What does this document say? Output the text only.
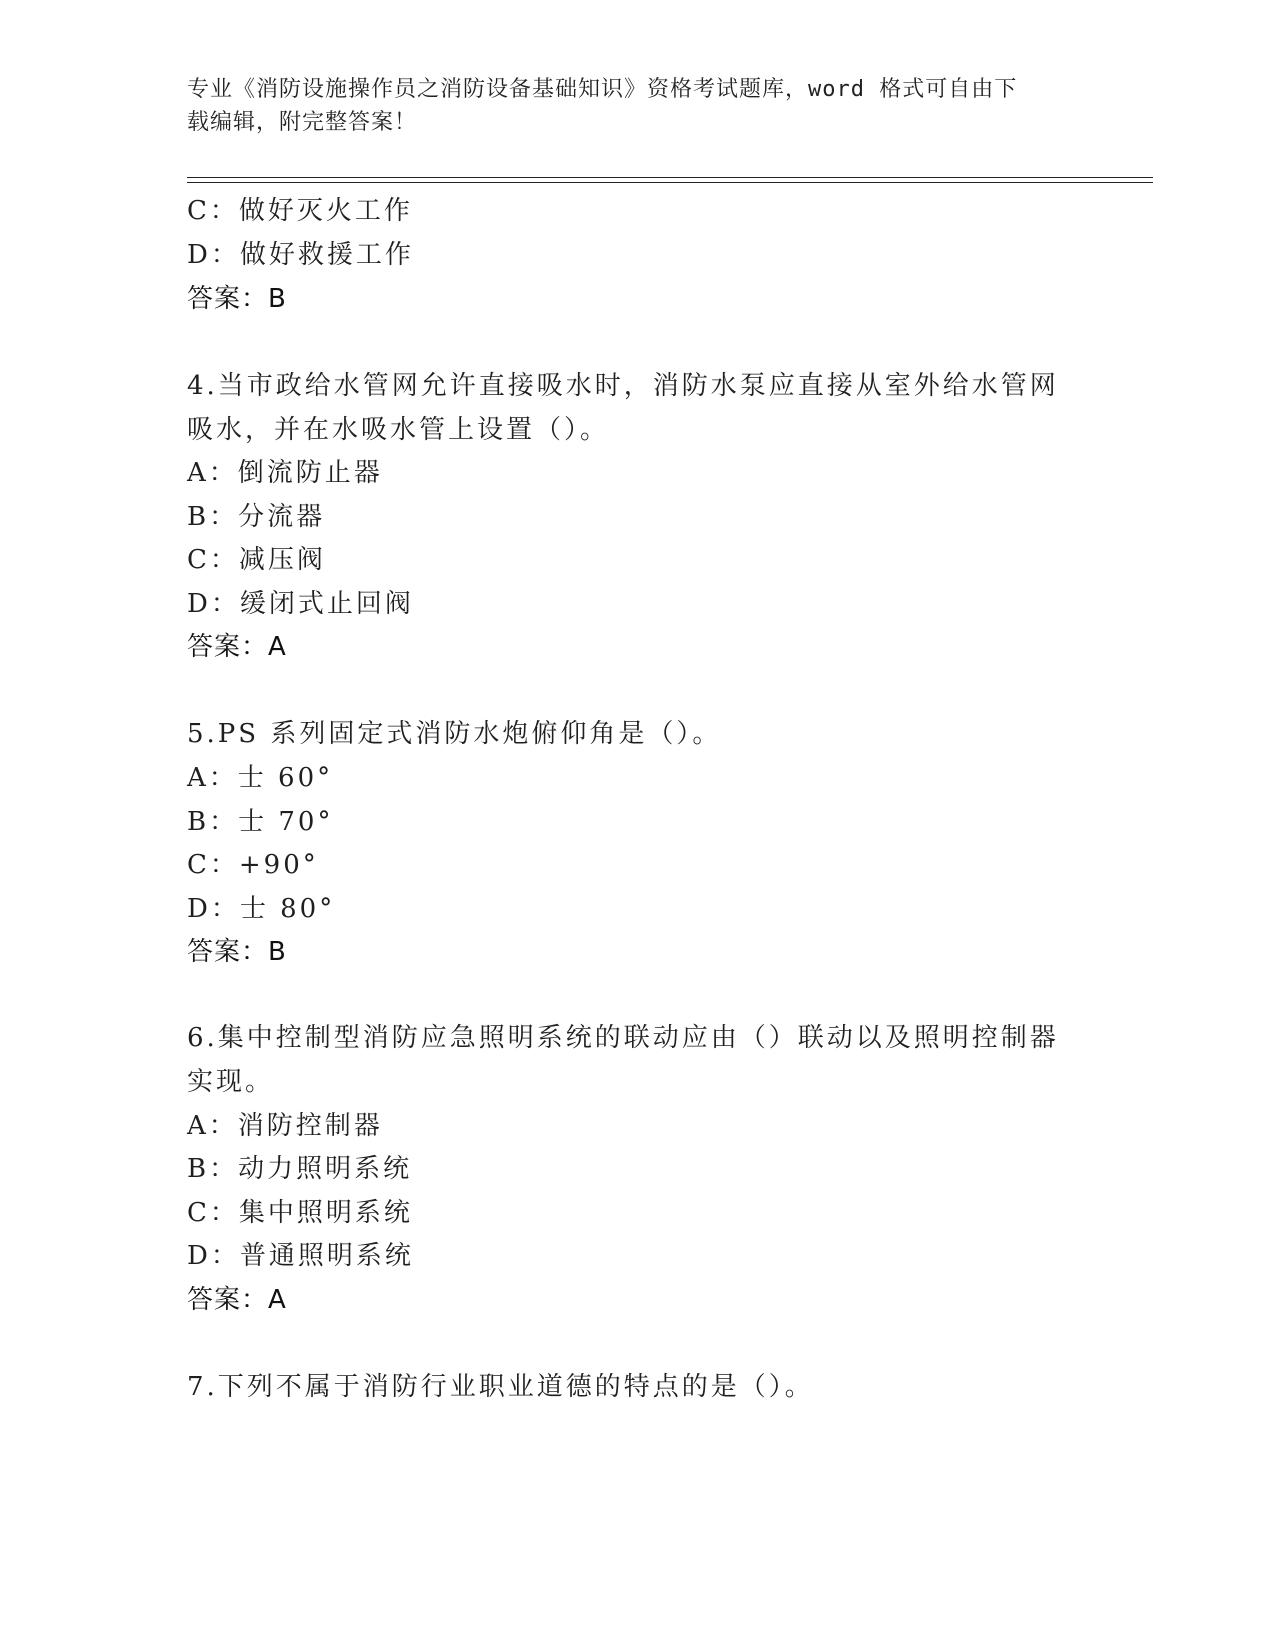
专业《消防设施操作员之消防设备基础知识》资格考试题库，word 格式可自由下
载编辑，附完整答案！
C：做好灭火工作
D：做好救援工作
答案：B
4.当市政给水管网允许直接吸水时，消防水泵应直接从室外给水管网
吸水，并在水吸水管上设置（）。
A：倒流防止器
B：分流器
C：减压阀
D：缓闭式止回阀
答案：A
5.PS 系列固定式消防水炮俯仰角是（）。
A：士 60°
B：士 70°
C：+90°
D：士 80°
答案：B
6.集中控制型消防应急照明系统的联动应由（）联动以及照明控制器
实现。
A：消防控制器
B：动力照明系统
C：集中照明系统
D：普通照明系统
答案：A
7.下列不属于消防行业职业道德的特点的是（）。
